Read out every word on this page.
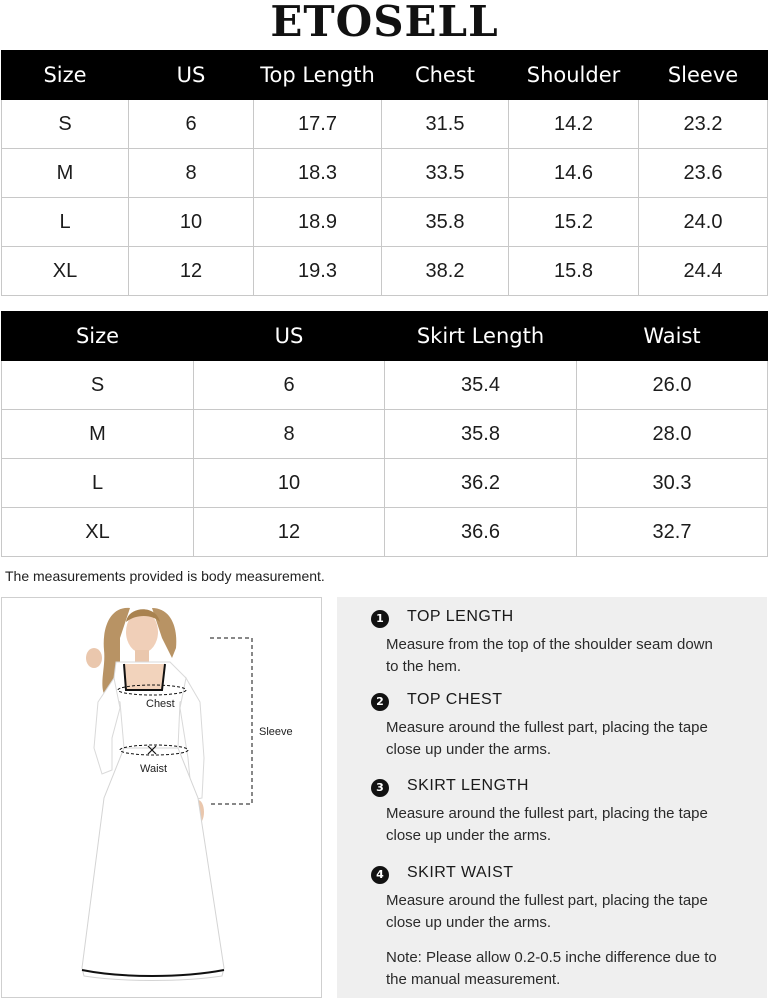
ETOSELL
Size	US	Top Length	Chest	Shoulder	Sleeve
S	6	17.7	31.5	14.2	23.2
M	8	18.3	33.5	14.6	23.6
L	10	18.9	35.8	15.2	24.0
XL	12	19.3	38.2	15.8	24.4
Size	US	Skirt Length	Waist
S	6	35.4	26.0
M	8	35.8	28.0
L	10	36.2	30.3
XL	12	36.6	32.7
The measurements provided is body measurement.
Chest
Waist
Sleeve
1	TOP LENGTH
Measure from the top of the shoulder seam down to the hem.
2	TOP CHEST
Measure around the fullest part, placing the tape close up under the arms.
3	SKIRT LENGTH
Measure around the fullest part, placing the tape close up under the arms.
4	SKIRT WAIST
Measure around the fullest part, placing the tape close up under the arms.
Note: Please allow 0.2-0.5 inche difference due to the manual measurement.
